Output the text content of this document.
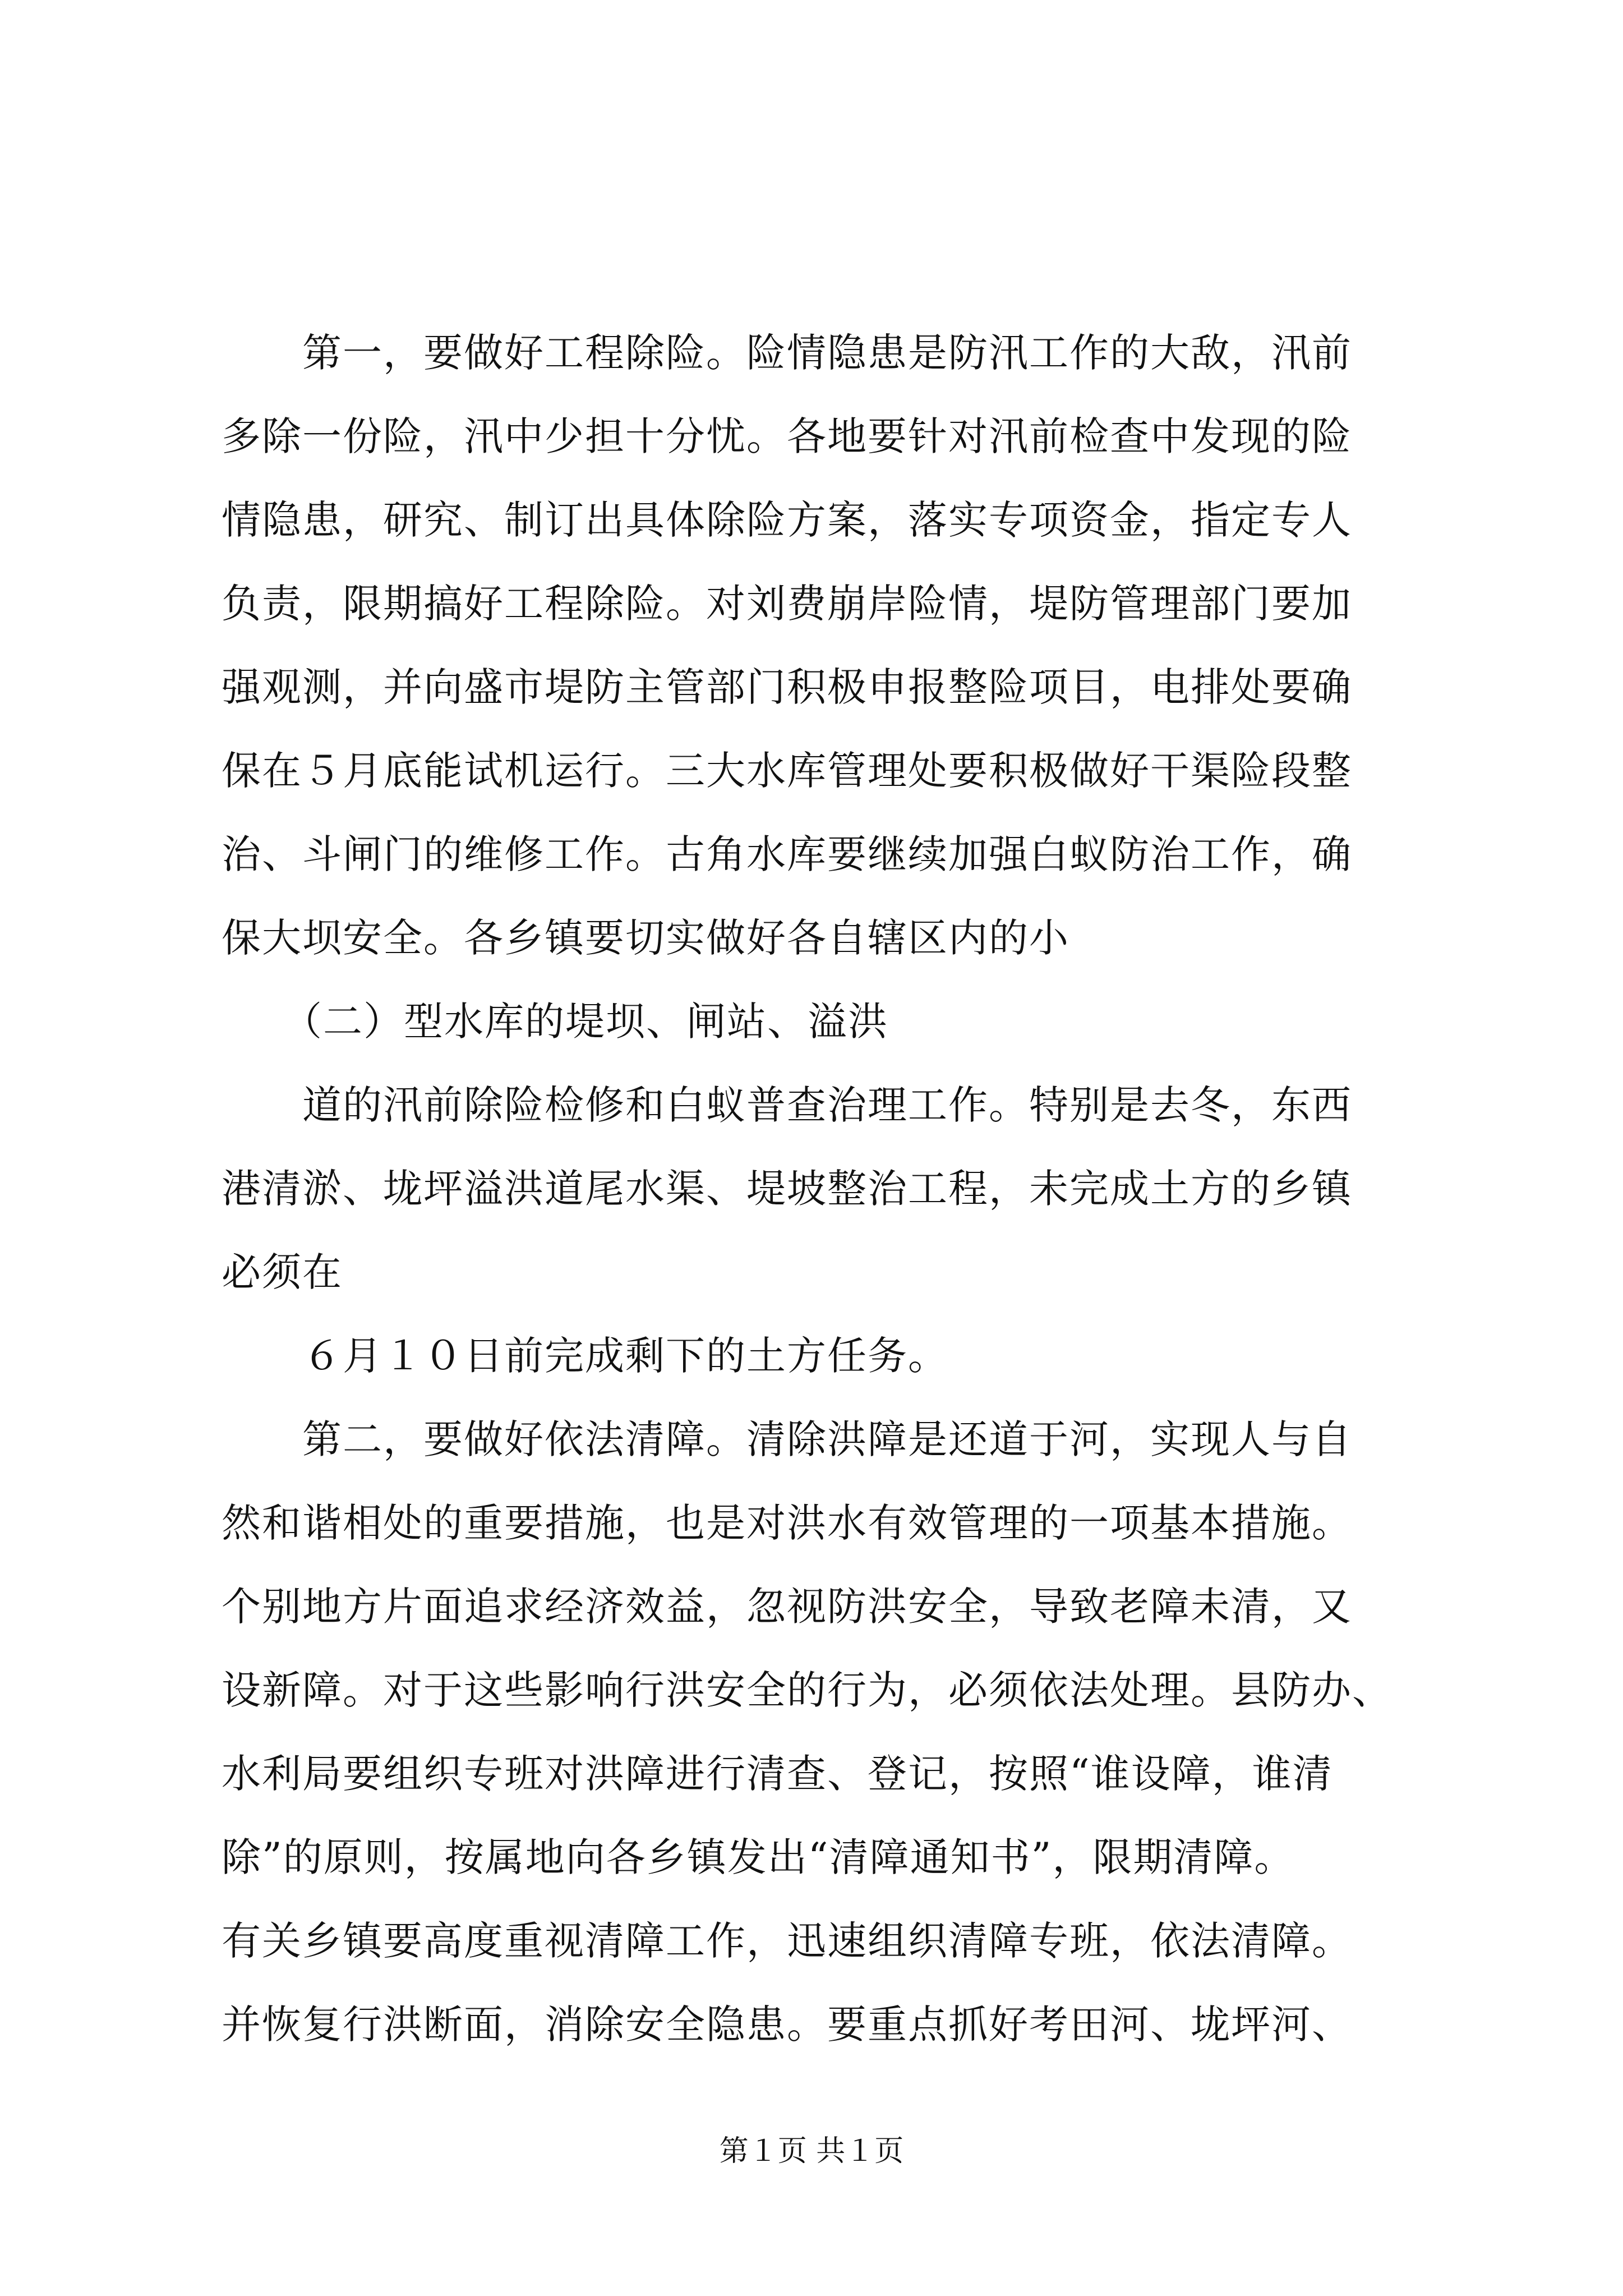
　　第一，要做好工程除险。险情隐患是防汛工作的大敌，汛前
多除一份险，汛中少担十分忧。各地要针对汛前检查中发现的险
情隐患，研究、制订出具体除险方案，落实专项资金，指定专人
负责，限期搞好工程除险。对刘费崩岸险情，堤防管理部门要加
强观测，并向盛市堤防主管部门积极申报整险项目，电排处要确
保在５月底能试机运行。三大水库管理处要积极做好干渠险段整
治、斗闸门的维修工作。古角水库要继续加强白蚁防治工作，确
保大坝安全。各乡镇要切实做好各自辖区内的小
　　（二）型水库的堤坝、闸站、溢洪
　　道的汛前除险检修和白蚁普查治理工作。特别是去冬，东西
港清淤、垅坪溢洪道尾水渠、堤坡整治工程，未完成土方的乡镇
必须在
　　６月１０日前完成剩下的土方任务。
　　第二，要做好依法清障。清除洪障是还道于河，实现人与自
然和谐相处的重要措施，也是对洪水有效管理的一项基本措施。
个别地方片面追求经济效益，忽视防洪安全，导致老障未清，又
设新障。对于这些影响行洪安全的行为，必须依法处理。县防办、
水利局要组织专班对洪障进行清查、登记，按照“谁设障，谁清
除”的原则，按属地向各乡镇发出“清障通知书”，限期清障。
有关乡镇要高度重视清障工作，迅速组织清障专班，依法清障。
并恢复行洪断面，消除安全隐患。要重点抓好考田河、垅坪河、
第１页 共１页
